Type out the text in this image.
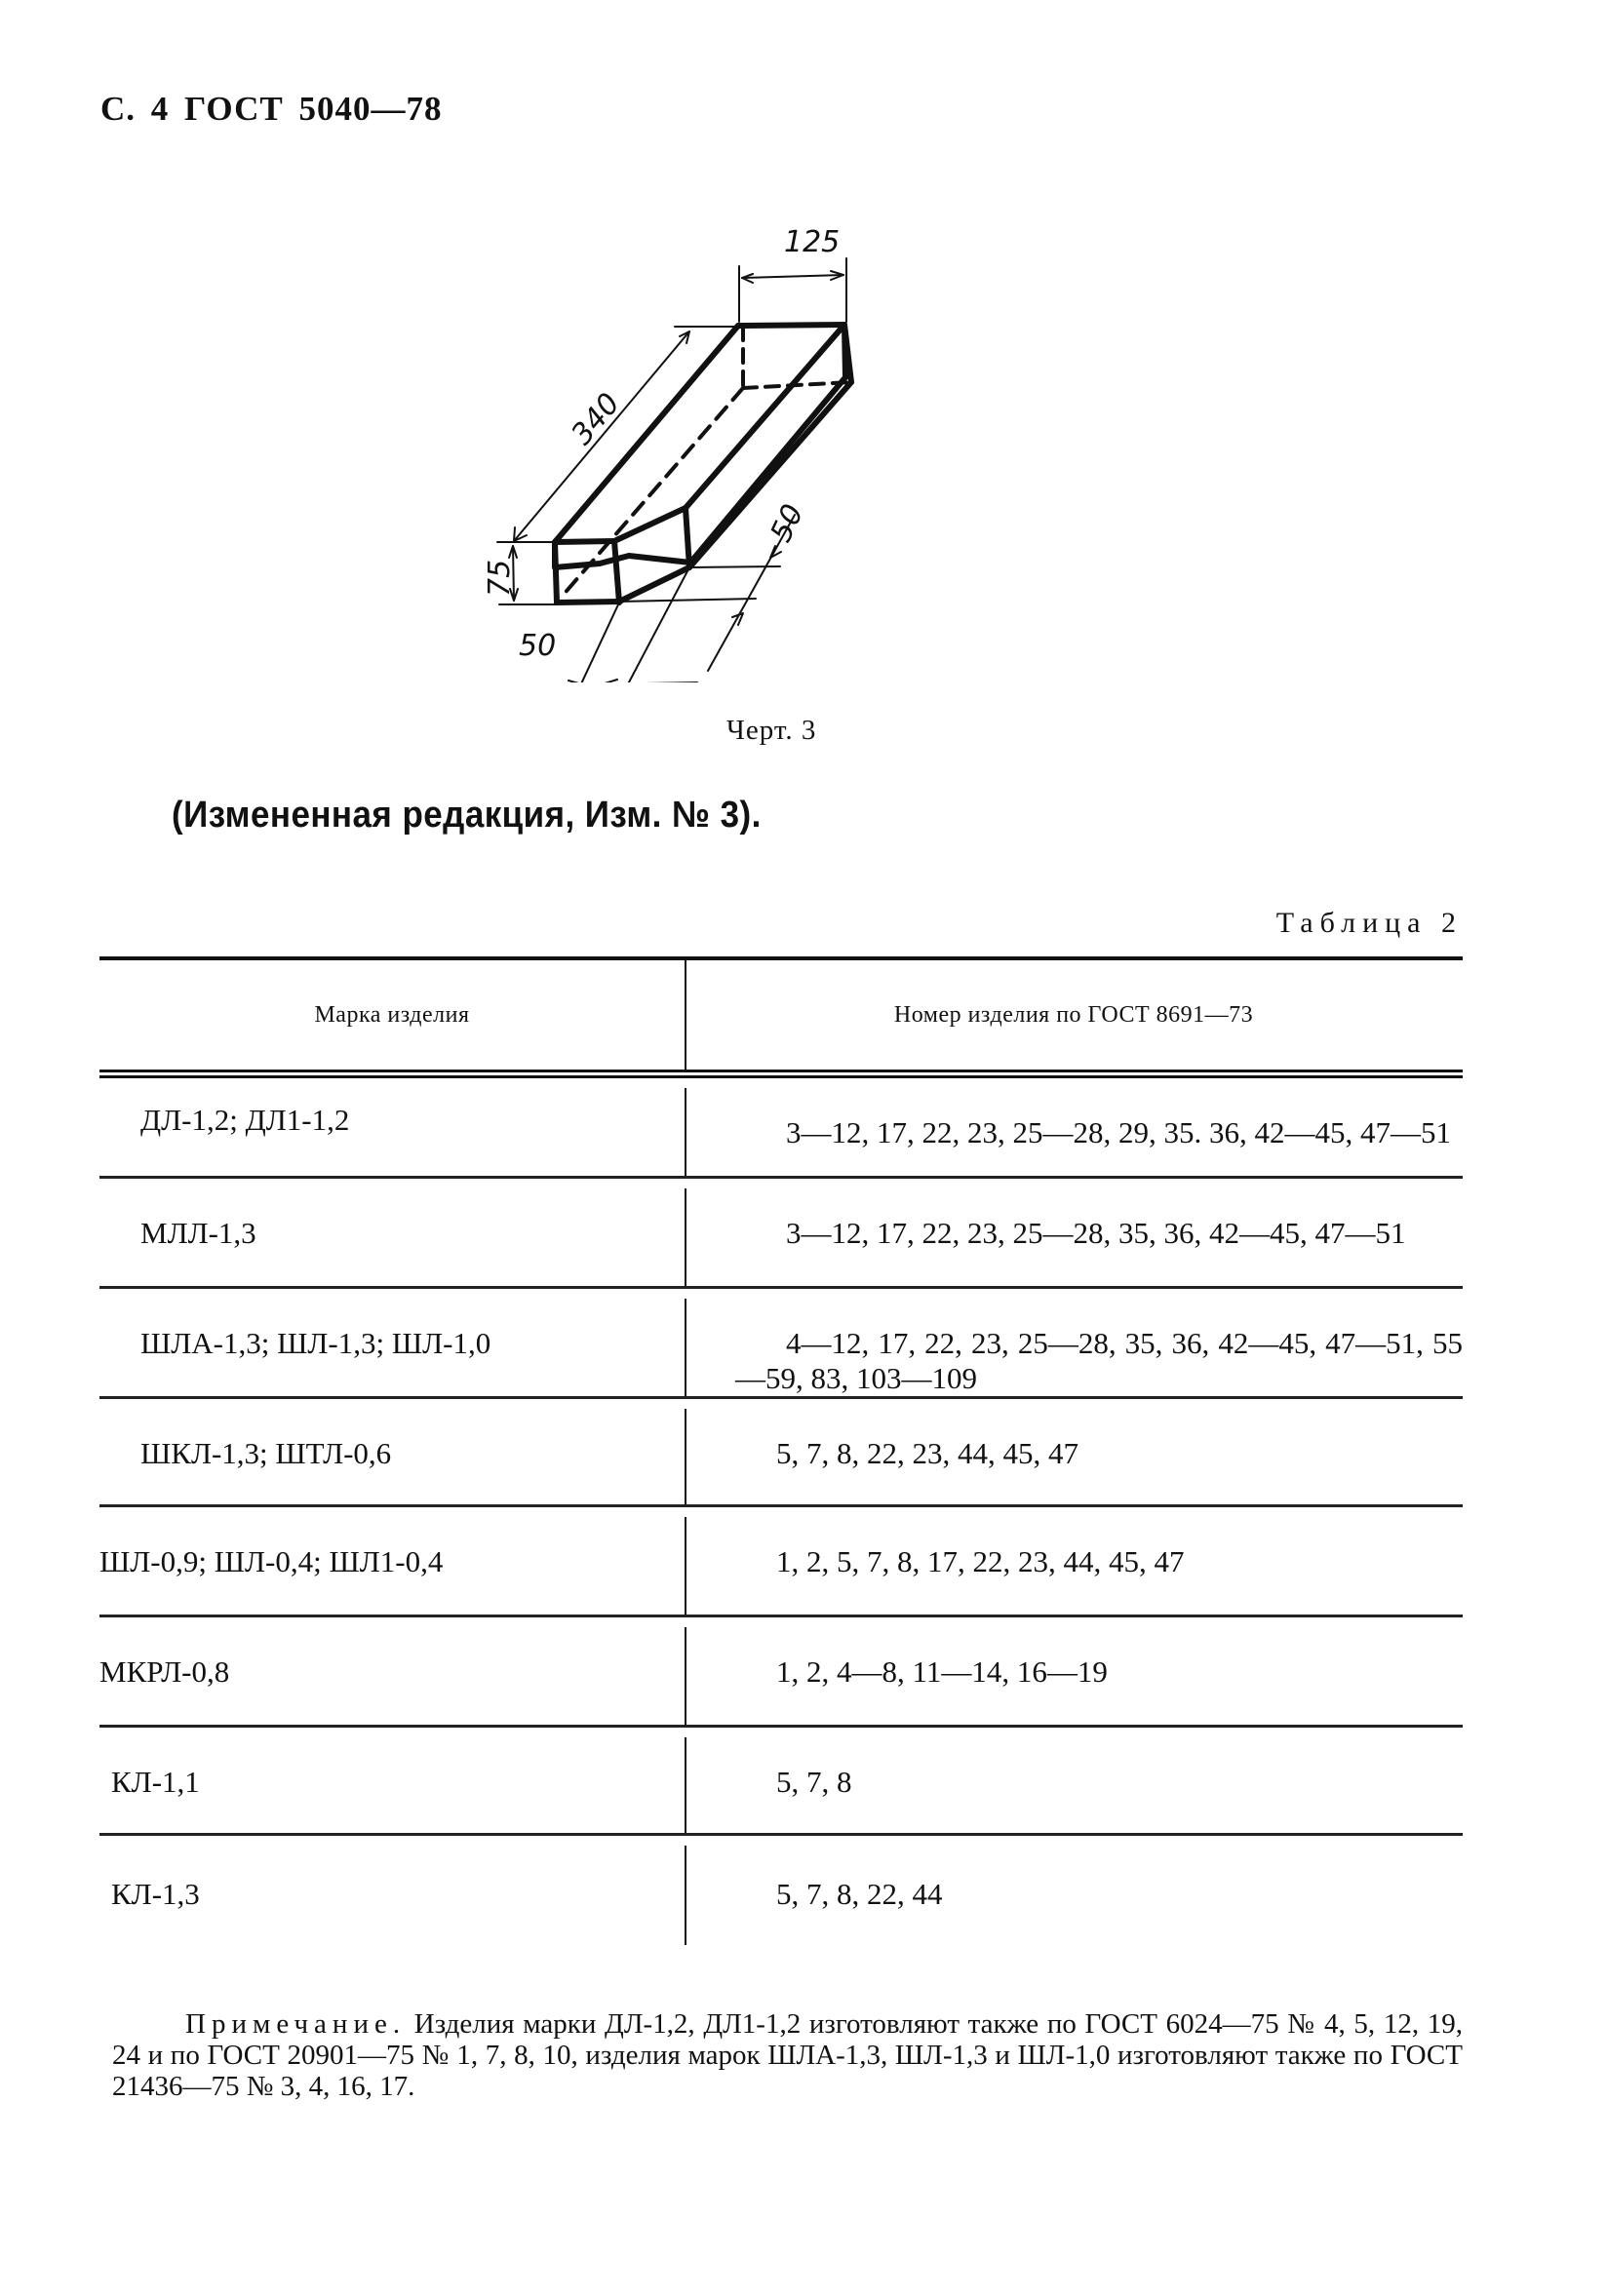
С. 4 ГОСТ 5040—78
125
340
75
50
50
Черт. 3
(Измененная редакция, Изм. № 3).
Таблица 2
Марка изделия	Номер изделия по ГОСТ 8691—73
ДЛ-1,2; ДЛ1-1,2	3—12, 17, 22, 23, 25—28, 29, 35. 36, 42—45, 47—51
МЛЛ-1,3	3—12, 17, 22, 23, 25—28, 35, 36, 42—45, 47—51
ШЛА-1,3; ШЛ-1,3; ШЛ-1,0	4—12, 17, 22, 23, 25—28, 35, 36, 42—45, 47—51, 55—59, 83, 103—109
ШКЛ-1,3; ШТЛ-0,6	5, 7, 8, 22, 23, 44, 45, 47
ШЛ-0,9; ШЛ-0,4; ШЛ1-0,4	1, 2, 5, 7, 8, 17, 22, 23, 44, 45, 47
МКРЛ-0,8	1, 2, 4—8, 11—14, 16—19
КЛ-1,1	5, 7, 8
КЛ-1,3	5, 7, 8, 22, 44
Примечание. Изделия марки ДЛ-1,2, ДЛ1-1,2 изготовляют также по ГОСТ 6024—75 № 4, 5, 12, 19, 24 и по ГОСТ 20901—75 № 1, 7, 8, 10, изделия марок ШЛА-1,3, ШЛ-1,3 и ШЛ-1,0 изготовляют также по ГОСТ 21436—75 № 3, 4, 16, 17.
